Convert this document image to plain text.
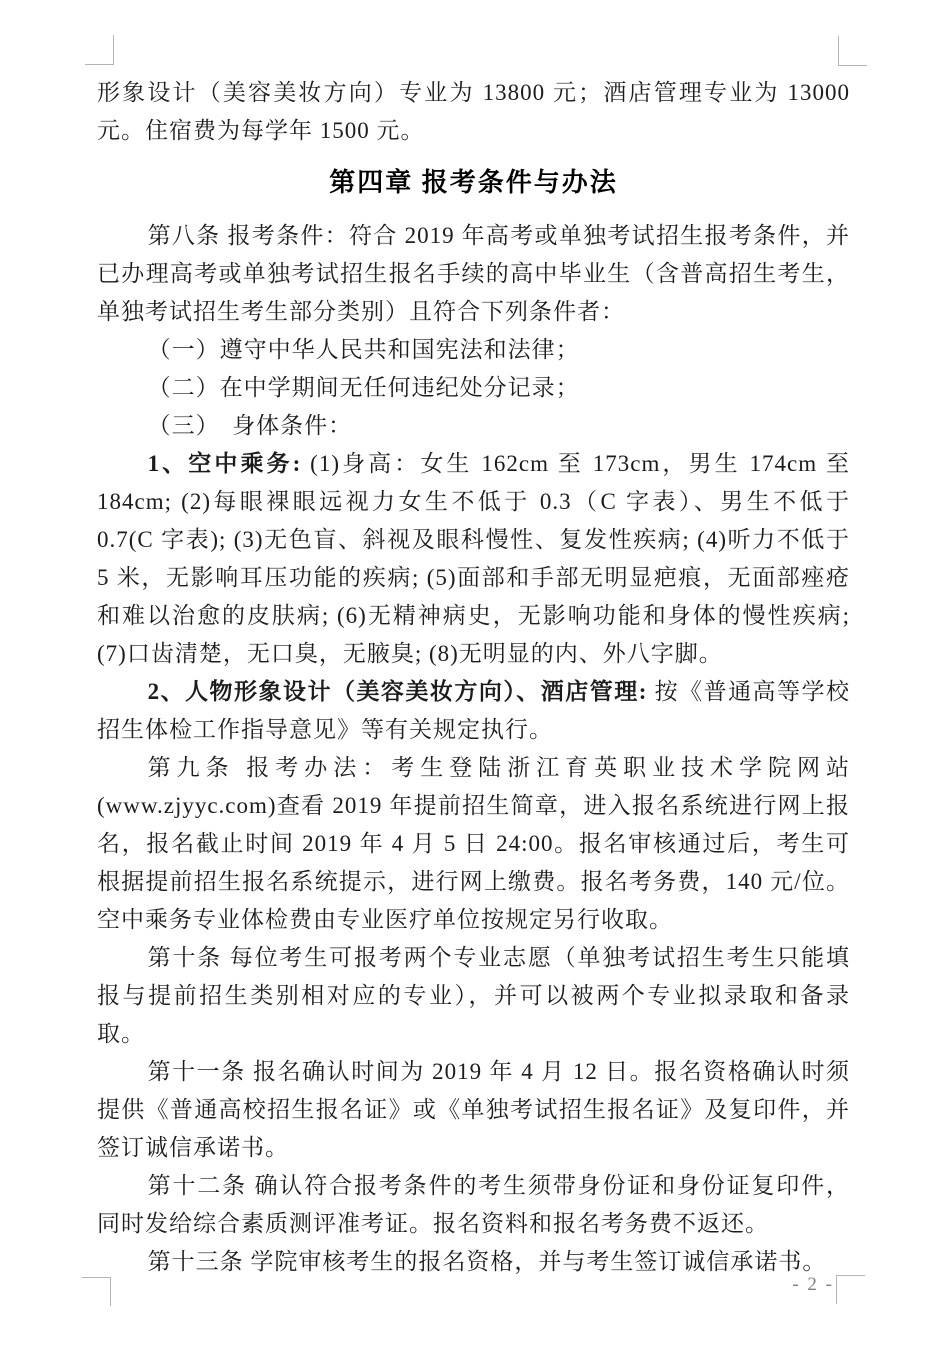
形象设计（美容美妆方向）专业为 13800 元；酒店管理专业为 13000 元。住宿费为每学年 1500 元。

第四章 报考条件与办法

第八条 报考条件：符合 2019 年高考或单独考试招生报考条件，并已办理高考或单独考试招生报名手续的高中毕业生（含普高招生考生，单独考试招生考生部分类别）且符合下列条件者：

（一）遵守中华人民共和国宪法和法律；

（二）在中学期间无任何违纪处分记录；

（三）　身体条件：

1、空中乘务: (1)身高：女生 162cm 至 173cm，男生 174cm 至 184cm; (2)每眼裸眼远视力女生不低于 0.3（C 字表）、男生不低于 0.7(C 字表); (3)无色盲、斜视及眼科慢性、复发性疾病; (4)听力不低于 5 米，无影响耳压功能的疾病; (5)面部和手部无明显疤痕，无面部痤疮和难以治愈的皮肤病; (6)无精神病史，无影响功能和身体的慢性疾病; (7)口齿清楚，无口臭，无腋臭; (8)无明显的内、外八字脚。

2、人物形象设计（美容美妆方向）、酒店管理: 按《普通高等学校招生体检工作指导意见》等有关规定执行。

第九条 报考办法：考生登陆浙江育英职业技术学院网站(www.zjyyc.com)查看 2019 年提前招生简章，进入报名系统进行网上报名，报名截止时间 2019 年 4 月 5 日 24:00。报名审核通过后，考生可根据提前招生报名系统提示，进行网上缴费。报名考务费，140 元/位。空中乘务专业体检费由专业医疗单位按规定另行收取。

第十条 每位考生可报考两个专业志愿（单独考试招生考生只能填报与提前招生类别相对应的专业），并可以被两个专业拟录取和备录取。

第十一条 报名确认时间为 2019 年 4 月 12 日。报名资格确认时须提供《普通高校招生报名证》或《单独考试招生报名证》及复印件，并签订诚信承诺书。

第十二条 确认符合报考条件的考生须带身份证和身份证复印件，同时发给综合素质测评准考证。报名资料和报名考务费不返还。

第十三条 学院审核考生的报名资格，并与考生签订诚信承诺书。

- 2 -
